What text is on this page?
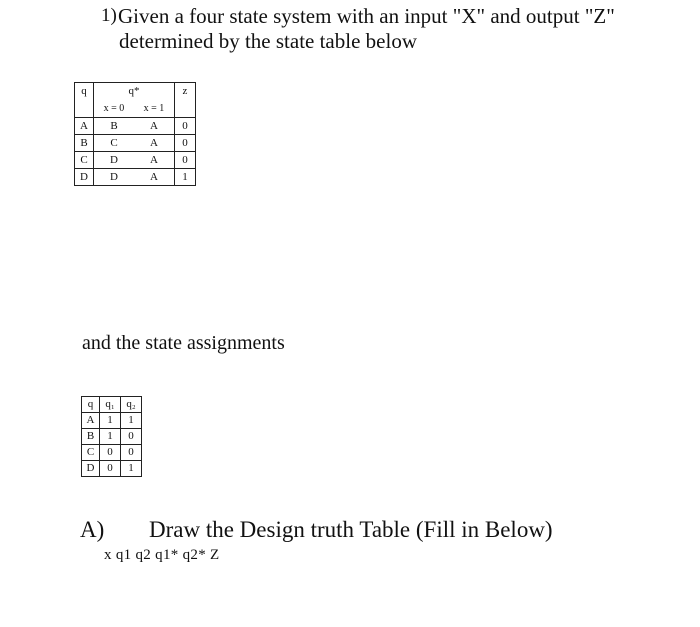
1) Given a four state system with an input "X" and output "Z"
determined by the state table below
q	q*		z
	x = 0	x = 1	
A	B	A	0
B	C	A	0
C	D	A	0
D	D	A	1
and the state assignments
q	q₁	q₂
A	1	1
B	1	0
C	0	0
D	0	1
A) Draw the Design truth Table (Fill in Below)
x q1 q2 q1* q2* Z
